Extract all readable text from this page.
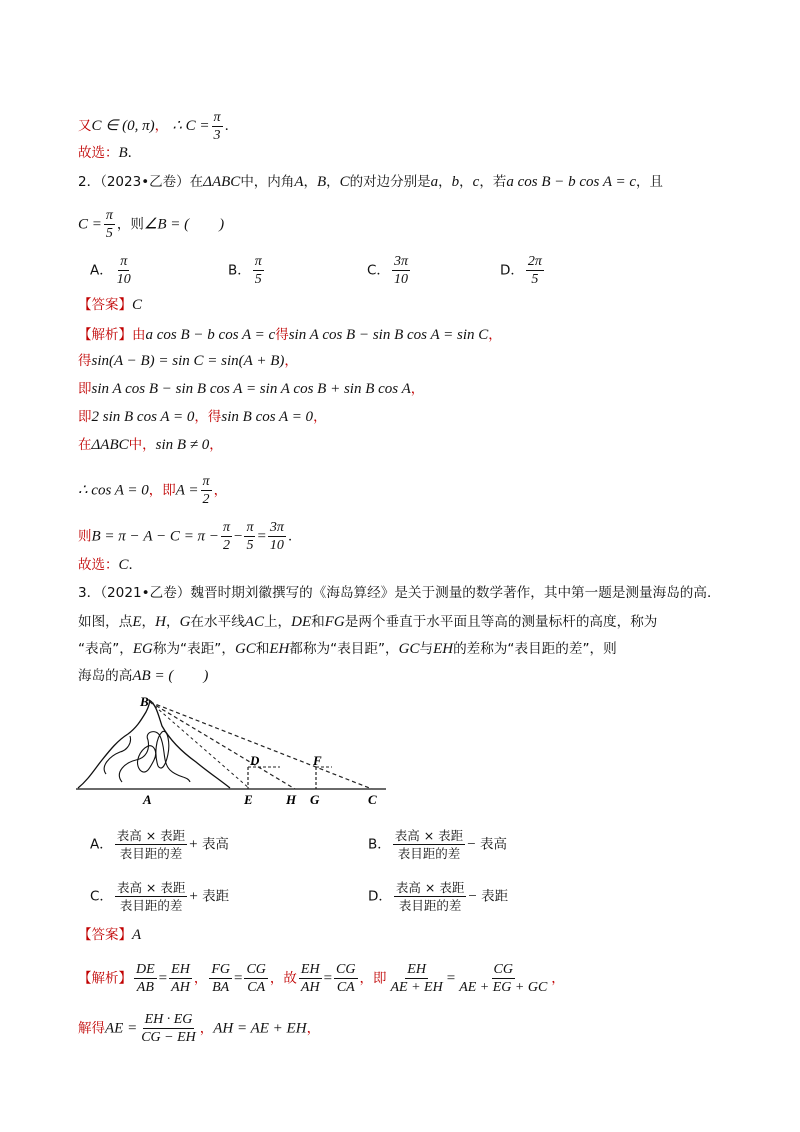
又C ∈ (0, π)， ∴ $C = \frac{\pi}{3}$ ．
故选：B．
2．（2023•乙卷）在ΔABC中，内角A，B，C的对边分别是a，b，c，若a cos B − b cos A = c，且
$C = \frac{\pi}{5}$ ，则∠B = (　　)
A． $\frac{\pi}{10}$	B． $\frac{\pi}{5}$	C． $\frac{3\pi}{10}$	D． $\frac{2\pi}{5}$
【答案】C
【解析】由a cos B − b cos A = c得sin A cos B − sin B cos A = sin C，
得sin(A − B) = sin C = sin(A + B)，
即sin A cos B − sin B cos A = sin A cos B + sin B cos A，
即2 sin B cos A = 0，得sin B cos A = 0，
在ΔABC中，sin B ≠ 0，
∴ cos A = 0，即$A = \frac{\pi}{2}$ ，
则$B = \pi - A - C = \pi - \frac{\pi}{2} - \frac{\pi}{5} = \frac{3\pi}{10}$ ．
故选：C．
3．（2021•乙卷）魏晋时期刘徽撰写的《海岛算经》是关于测量的数学著作，其中第一题是测量海岛的高．
如图，点E，H，G在水平线AC上，DE和FG是两个垂直于水平面且等高的测量标杆的高度，称为
“表高”，EG称为“表距”，GC和EH都称为“表目距”，GC与EH的差称为“表目距的差”，则
海岛的高AB = (　　)
B
D	F
A	E	H G	C
A． $\frac{\text{表高 × 表距}}{\text{表目距的差}}$ + 表高	B． $\frac{\text{表高 × 表距}}{\text{表目距的差}}$ − 表高
C． $\frac{\text{表高 × 表距}}{\text{表目距的差}}$ + 表距	D． $\frac{\text{表高 × 表距}}{\text{表目距的差}}$ − 表距
【答案】A
【解析】 $\frac{DE}{AB} = \frac{EH}{AH}$ ， $\frac{FG}{BA} = \frac{CG}{CA}$ ，故 $\frac{EH}{AH} = \frac{CG}{CA}$ ，即 $\frac{EH}{AE + EH} = \frac{CG}{AE + EG + GC}$ ，
解得AE = $\frac{EH \cdot EG}{CG - EH}$ ，AH = AE + EH，
